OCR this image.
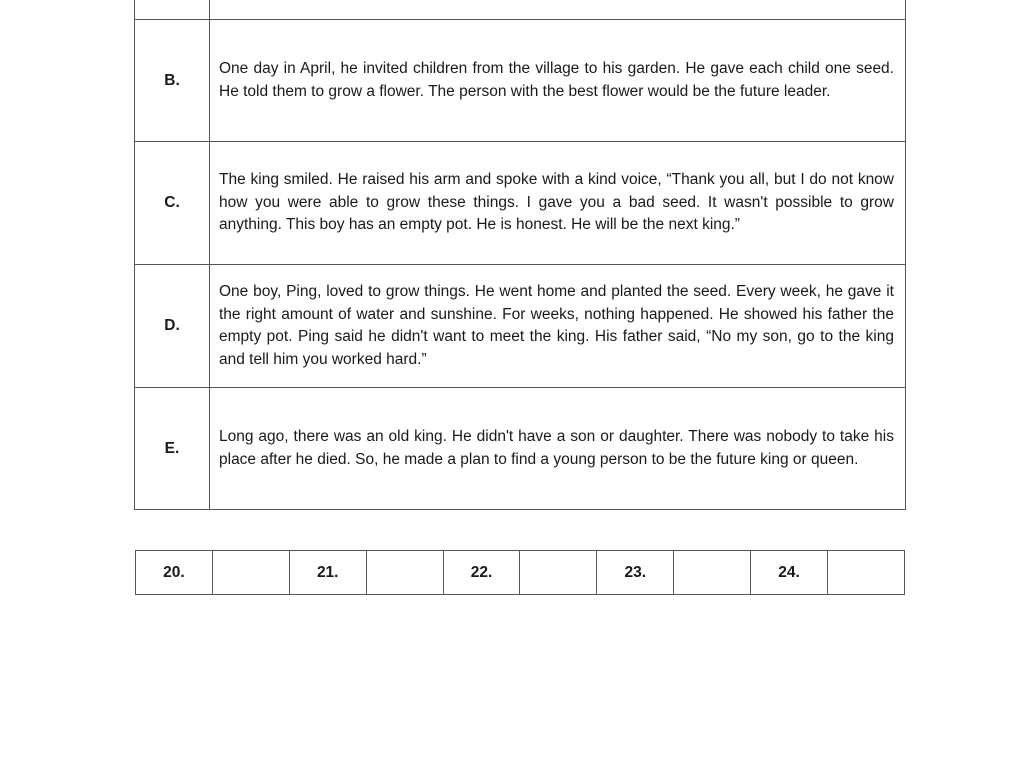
B.	One day in April, he invited children from the village to his garden. He gave each child one seed. He told them to grow a flower. The person with the best flower would be the future leader.
C.	The king smiled. He raised his arm and spoke with a kind voice, “Thank you all, but I do not know how you were able to grow these things. I gave you a bad seed. It wasn't possible to grow anything. This boy has an empty pot. He is honest. He will be the next king.”
D.	One boy, Ping, loved to grow things. He went home and planted the seed. Every week, he gave it the right amount of water and sunshine. For weeks, nothing happened. He showed his father the empty pot. Ping said he didn't want to meet the king. His father said, “No my son, go to the king and tell him you worked hard.”
E.	Long ago, there was an old king. He didn't have a son or daughter. There was nobody to take his place after he died. So, he made a plan to find a young person to be the future king or queen.
20.		21.		22.		23.		24.	
